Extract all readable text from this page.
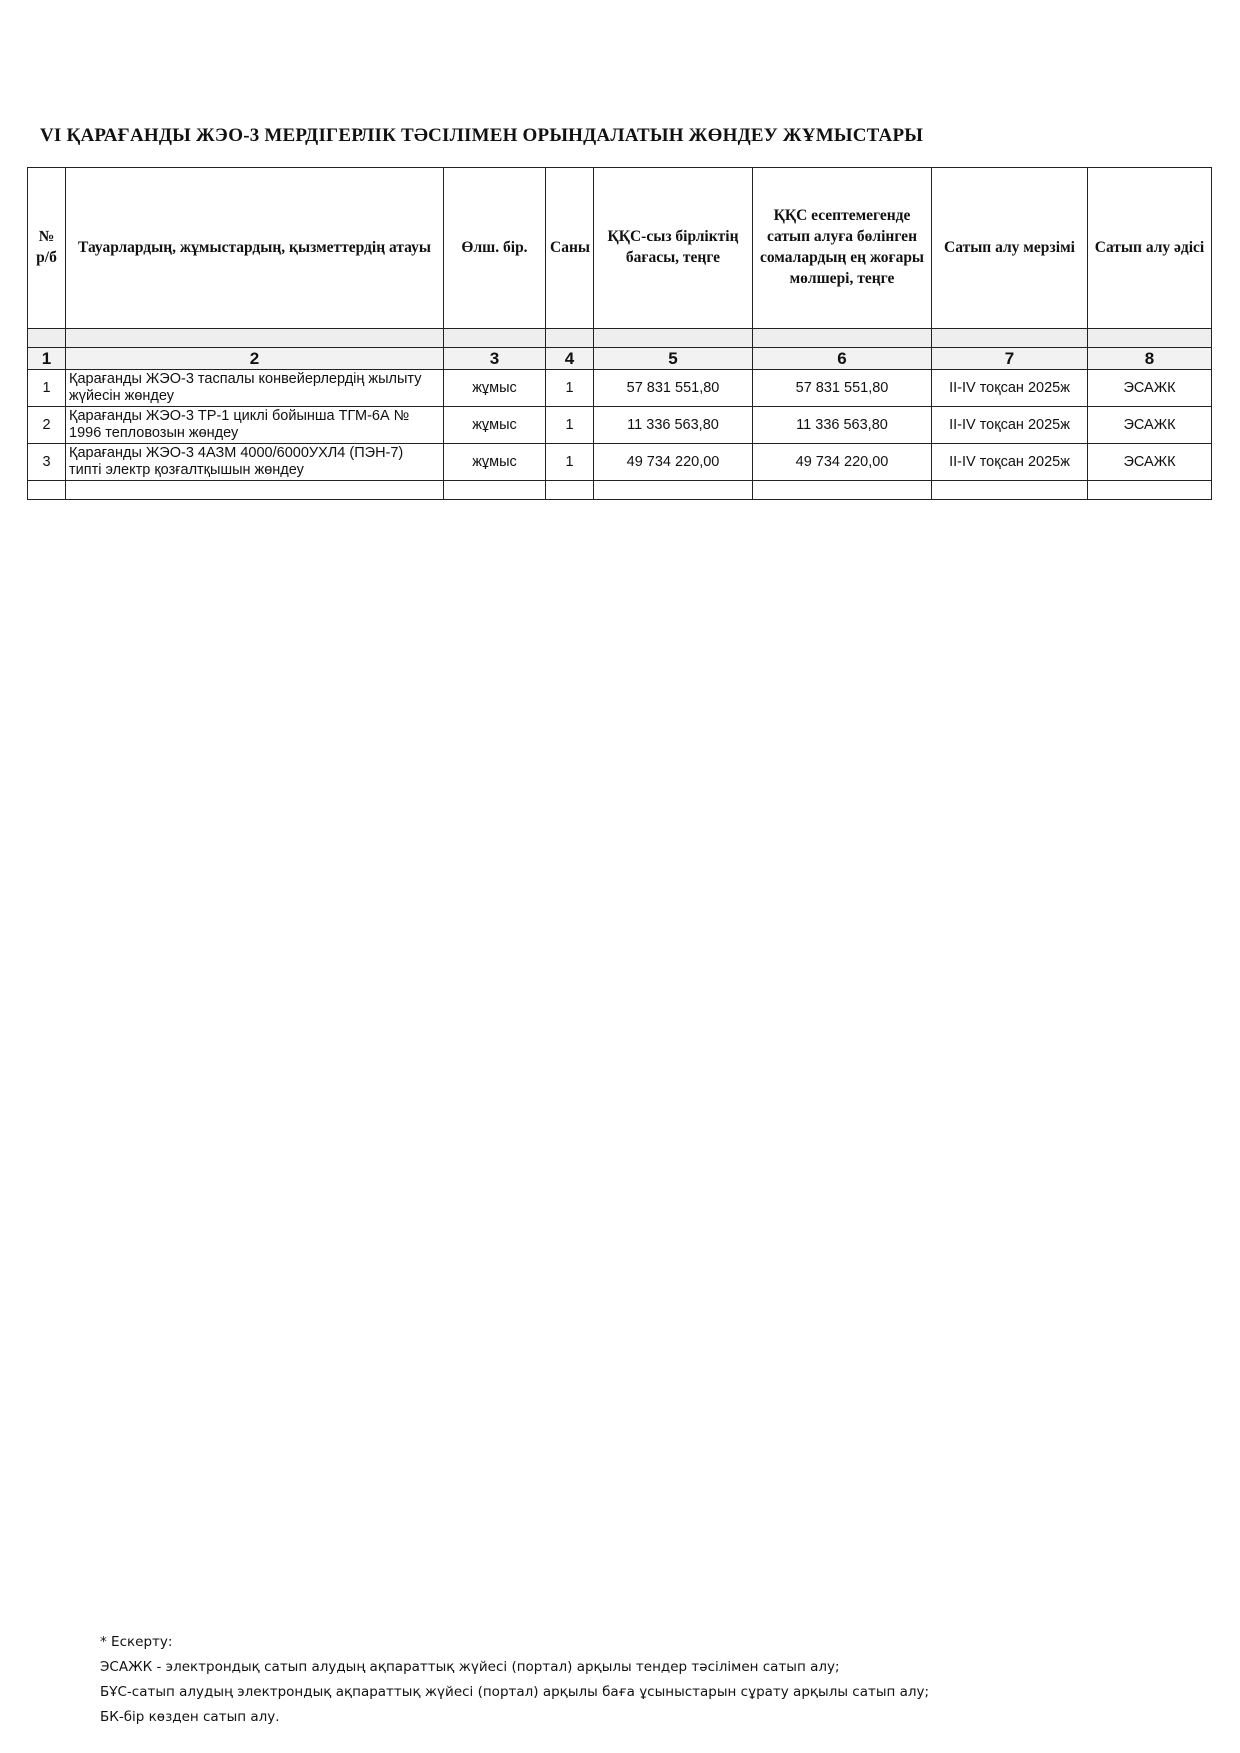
VI ҚАРАҒАНДЫ ЖЭО-3 МЕРДІГЕРЛІК ТӘСІЛІМЕН ОРЫНДАЛАТЫН ЖӨНДЕУ ЖҰМЫСТАРЫ
№ р/б	Тауарлардың, жұмыстардың, қызметтердің атауы	Өлш. бір.	Саны	ҚҚС-сыз бірліктің бағасы, теңге	ҚҚС есептемегенде сатып алуға бөлінген сомалардың ең жоғары мөлшері, теңге	Сатып алу мерзімі	Сатып алу әдісі

1	2	3	4	5	6	7	8
1	Қарағанды ЖЭО-3 таспалы конвейерлердің жылыту жүйесін жөндеу	жұмыс	1	57 831 551,80	57 831 551,80	II-IV тоқсан 2025ж	ЭСАЖК
2	Қарағанды ЖЭО-3 ТР-1 циклі бойынша ТГМ-6А № 1996 тепловозын жөндеу	жұмыс	1	11 336 563,80	11 336 563,80	II-IV тоқсан 2025ж	ЭСАЖК
3	Қарағанды ЖЭО-3 4АЗМ 4000/6000УХЛ4 (ПЭН-7) типті электр қозғалтқышын жөндеу	жұмыс	1	49 734 220,00	49 734 220,00	II-IV тоқсан 2025ж	ЭСАЖК

* Ескерту:
ЭСАЖК - электрондық сатып алудың ақпараттық жүйесі (портал) арқылы тендер тәсілімен сатып алу;
БҰС-сатып алудың электрондық ақпараттық жүйесі (портал) арқылы баға ұсыныстарын сұрату арқылы сатып алу;
БК-бір көзден сатып алу.
